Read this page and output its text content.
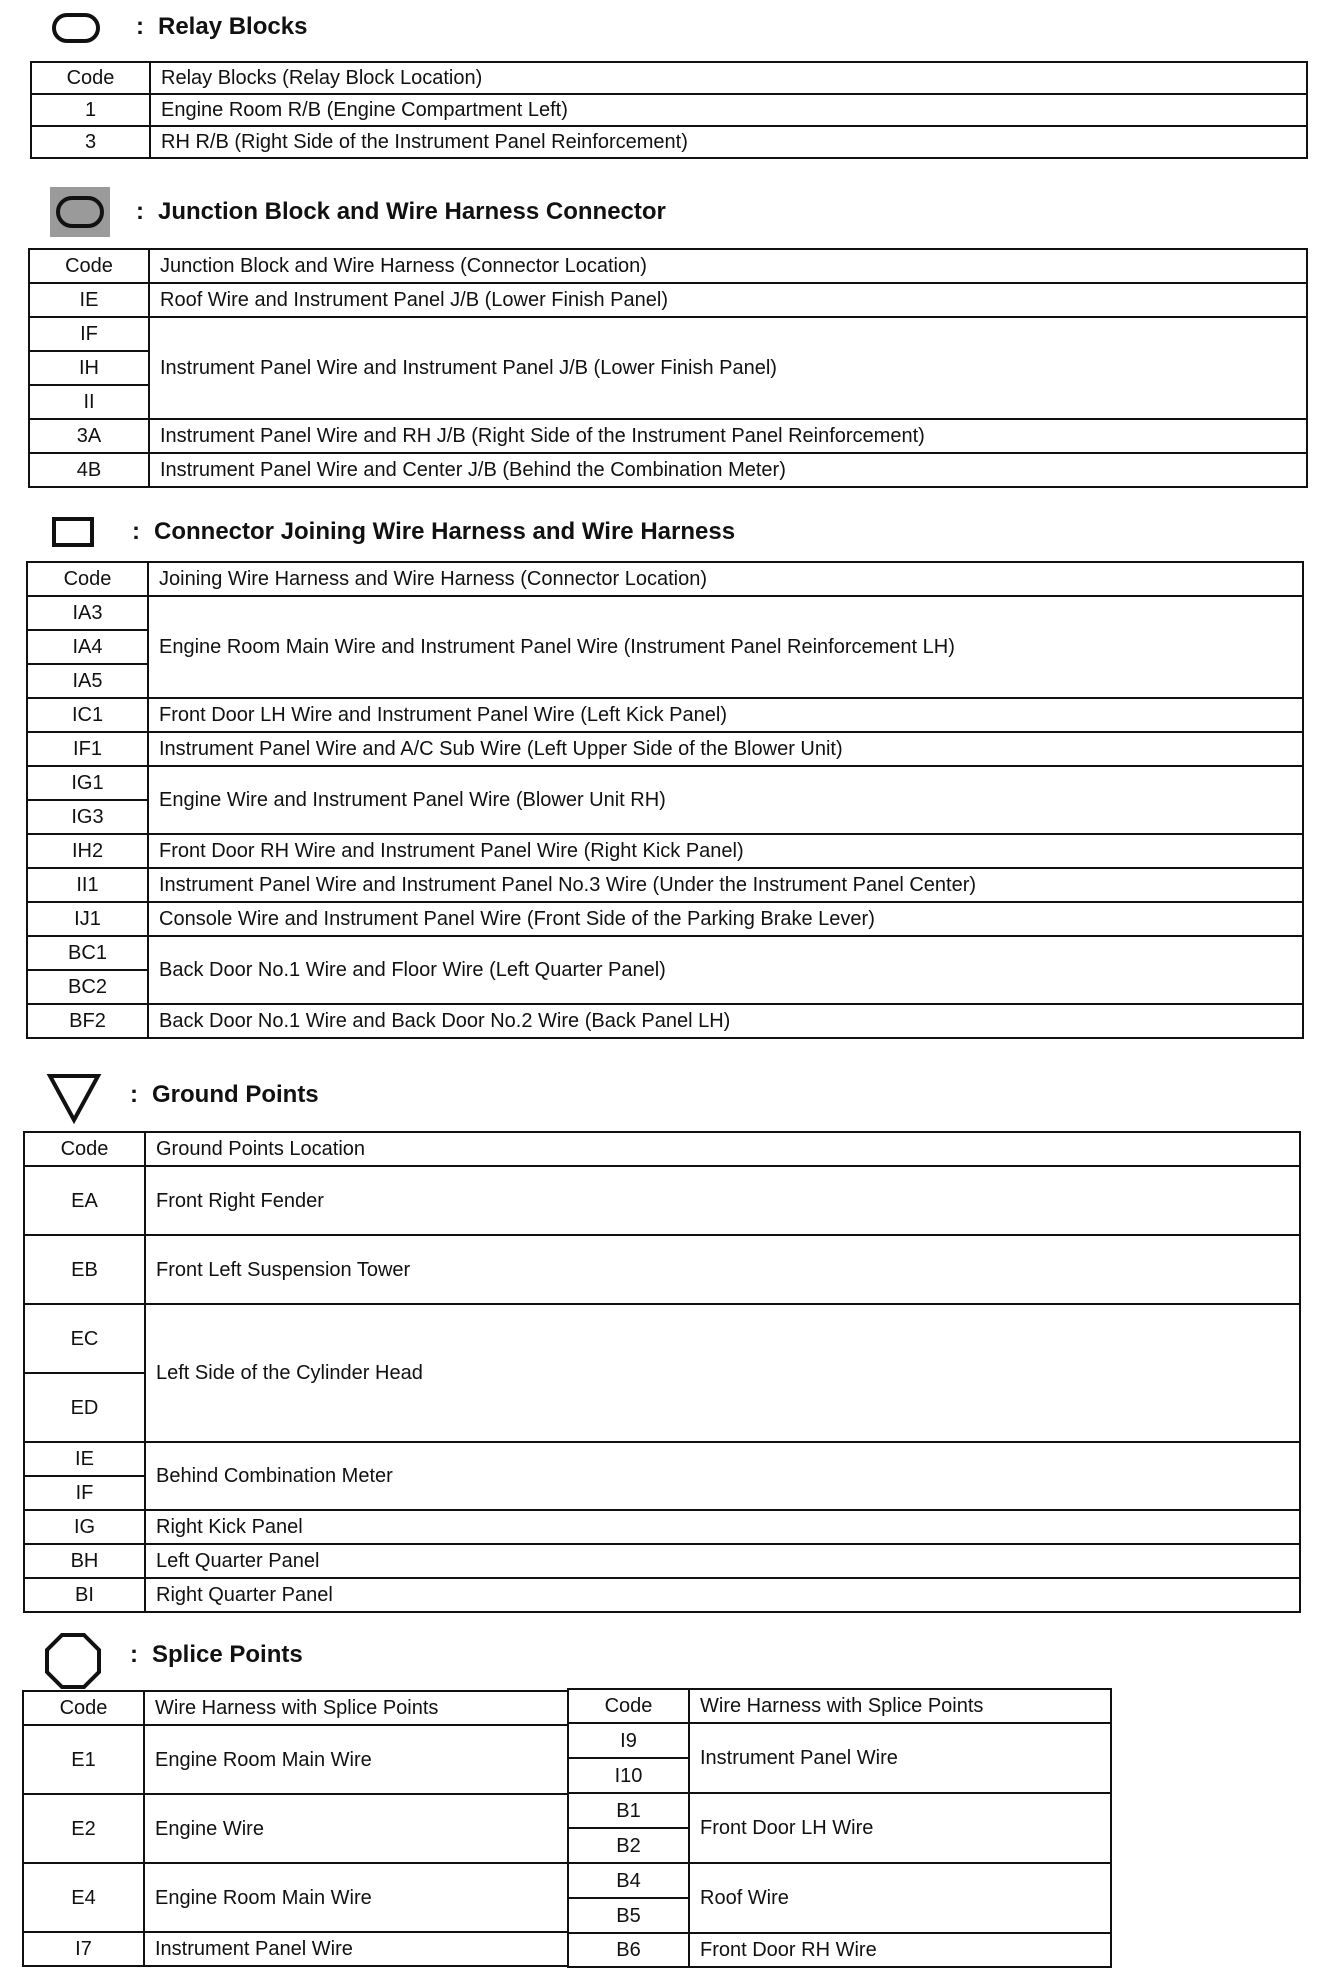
: Relay Blocks
Code	Relay Blocks (Relay Block Location)
1	Engine Room R/B (Engine Compartment Left)
3	RH R/B (Right Side of the Instrument Panel Reinforcement)
: Junction Block and Wire Harness Connector
Code	Junction Block and Wire Harness (Connector Location)
IE	Roof Wire and Instrument Panel J/B (Lower Finish Panel)
IF	Instrument Panel Wire and Instrument Panel J/B (Lower Finish Panel)
IH	
II	
3A	Instrument Panel Wire and RH J/B (Right Side of the Instrument Panel Reinforcement)
4B	Instrument Panel Wire and Center J/B (Behind the Combination Meter)
: Connector Joining Wire Harness and Wire Harness
Code	Joining Wire Harness and Wire Harness (Connector Location)
IA3	Engine Room Main Wire and Instrument Panel Wire (Instrument Panel Reinforcement LH)
IA4	
IA5	
IC1	Front Door LH Wire and Instrument Panel Wire (Left Kick Panel)
IF1	Instrument Panel Wire and A/C Sub Wire (Left Upper Side of the Blower Unit)
IG1	Engine Wire and Instrument Panel Wire (Blower Unit RH)
IG3	
IH2	Front Door RH Wire and Instrument Panel Wire (Right Kick Panel)
II1	Instrument Panel Wire and Instrument Panel No.3 Wire (Under the Instrument Panel Center)
IJ1	Console Wire and Instrument Panel Wire (Front Side of the Parking Brake Lever)
BC1	Back Door No.1 Wire and Floor Wire (Left Quarter Panel)
BC2	
BF2	Back Door No.1 Wire and Back Door No.2 Wire (Back Panel LH)
: Ground Points
Code	Ground Points Location
EA	Front Right Fender
EB	Front Left Suspension Tower
EC	Left Side of the Cylinder Head
ED	
IE	Behind Combination Meter
IF	
IG	Right Kick Panel
BH	Left Quarter Panel
BI	Right Quarter Panel
: Splice Points
Code	Wire Harness with Splice Points
E1	Engine Room Main Wire
E2	Engine Wire
E4	Engine Room Main Wire
I7	Instrument Panel Wire
Code	Wire Harness with Splice Points
I9	Instrument Panel Wire
I10	
B1	Front Door LH Wire
B2	
B4	Roof Wire
B5	
B6	Front Door RH Wire
